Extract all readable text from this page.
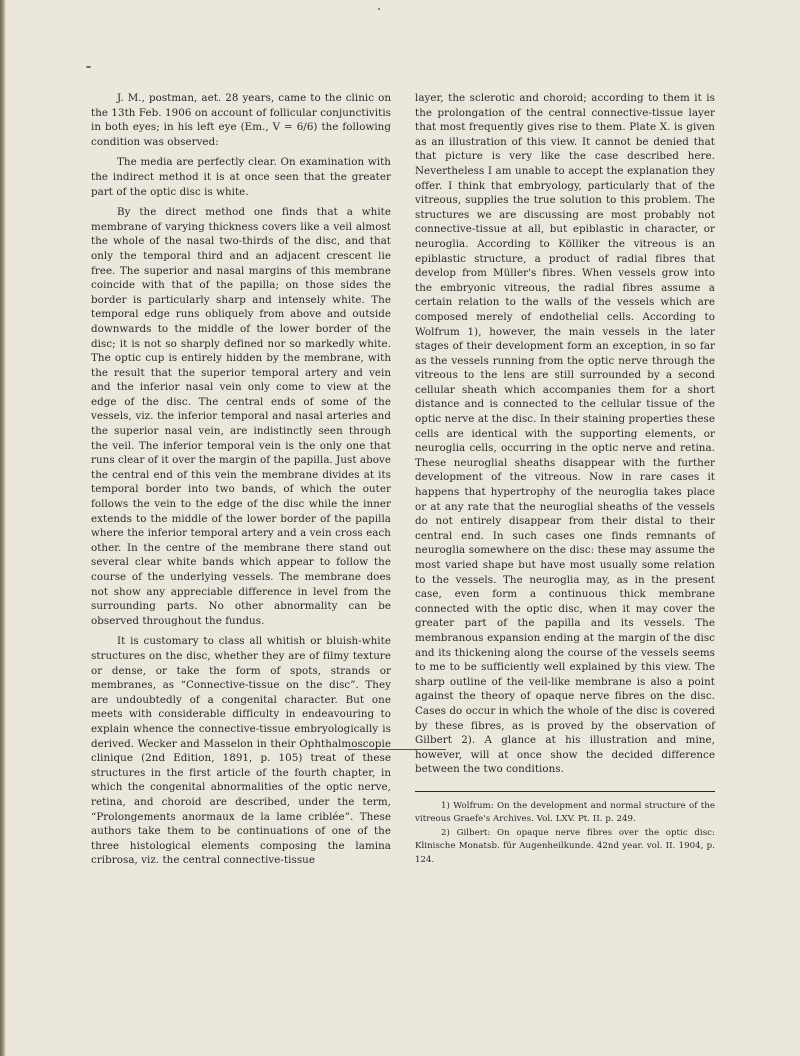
J. M., postman, aet. 28 years, came to the clinic on the 13th Feb. 1906 on account of follicular conjunctivitis in both eyes; in his left eye (Em., V = 6/6) the following condition was observed:

The media are perfectly clear. On examination with the indirect method it is at once seen that the greater part of the optic disc is white.

By the direct method one finds that a white membrane of varying thickness covers like a veil almost the whole of the nasal two-thirds of the disc, and that only the temporal third and an adjacent crescent lie free. The superior and nasal margins of this membrane coincide with that of the papilla; on those sides the border is particularly sharp and intensely white. The temporal edge runs obliquely from above and outside downwards to the middle of the lower border of the disc; it is not so sharply defined nor so markedly white. The optic cup is entirely hidden by the membrane, with the result that the superior temporal artery and vein and the inferior nasal vein only come to view at the edge of the disc. The central ends of some of the vessels, viz. the inferior temporal and nasal arteries and the superior nasal vein, are indistinctly seen through the veil. The inferior temporal vein is the only one that runs clear of it over the margin of the papilla. Just above the central end of this vein the membrane divides at its temporal border into two bands, of which the outer follows the vein to the edge of the disc while the inner extends to the middle of the lower border of the papilla where the inferior temporal artery and a vein cross each other. In the centre of the membrane there stand out several clear white bands which appear to follow the course of the underlying vessels. The membrane does not show any appreciable difference in level from the surrounding parts. No other abnormality can be observed throughout the fundus.

It is customary to class all whitish or bluish-white structures on the disc, whether they are of filmy texture or dense, or take the form of spots, strands or membranes, as “Connective-tissue on the disc”. They are undoubtedly of a congenital character. But one meets with considerable difficulty in endeavouring to explain whence the connective-tissue embryologically is derived. Wecker and Masselon in their Ophthalmoscopie clinique (2nd Edition, 1891, p. 105) treat of these structures in the first article of the fourth chapter, in which the congenital abnormalities of the optic nerve, retina, and choroid are described, under the term, “Prolongements anormaux de la lame criblée”. These authors take them to be continuations of one of the three histological elements composing the lamina cribrosa, viz. the central connective-tissue

layer, the sclerotic and choroid; according to them it is the prolongation of the central connective-tissue layer that most frequently gives rise to them. Plate X. is given as an illustration of this view. It cannot be denied that that picture is very like the case described here. Nevertheless I am unable to accept the explanation they offer. I think that embryology, particularly that of the vitreous, supplies the true solution to this problem. The structures we are discussing are most probably not connective-tissue at all, but epiblastic in character, or neuroglia. According to Kölliker the vitreous is an epiblastic structure, a product of radial fibres that develop from Müller's fibres. When vessels grow into the embryonic vitreous, the radial fibres assume a certain relation to the walls of the vessels which are composed merely of endothelial cells. According to Wolfrum 1), however, the main vessels in the later stages of their development form an exception, in so far as the vessels running from the optic nerve through the vitreous to the lens are still surrounded by a second cellular sheath which accompanies them for a short distance and is connected to the cellular tissue of the optic nerve at the disc. In their staining properties these cells are identical with the supporting elements, or neuroglia cells, occurring in the optic nerve and retina. These neuroglial sheaths disappear with the further development of the vitreous. Now in rare cases it happens that hypertrophy of the neuroglia takes place or at any rate that the neuroglial sheaths of the vessels do not entirely disappear from their distal to their central end. In such cases one finds remnants of neuroglia somewhere on the disc: these may assume the most varied shape but have most usually some relation to the vessels. The neuroglia may, as in the present case, even form a continuous thick membrane connected with the optic disc, when it may cover the greater part of the papilla and its vessels. The membranous expansion ending at the margin of the disc and its thickening along the course of the vessels seems to me to be sufficiently well explained by this view. The sharp outline of the veil-like membrane is also a point against the theory of opaque nerve fibres on the disc. Cases do occur in which the whole of the disc is covered by these fibres, as is proved by the observation of Gilbert 2). A glance at his illustration and mine, however, will at once show the decided difference between the two conditions.

1) Wolfrum: On the development and normal structure of the vitreous Graefe's Archives. Vol. LXV. Pt. II. p. 249.

2) Gilbert: On opaque nerve fibres over the optic disc: Klinische Monatsb. für Augenheilkunde. 42nd year. vol. II. 1904, p. 124.
